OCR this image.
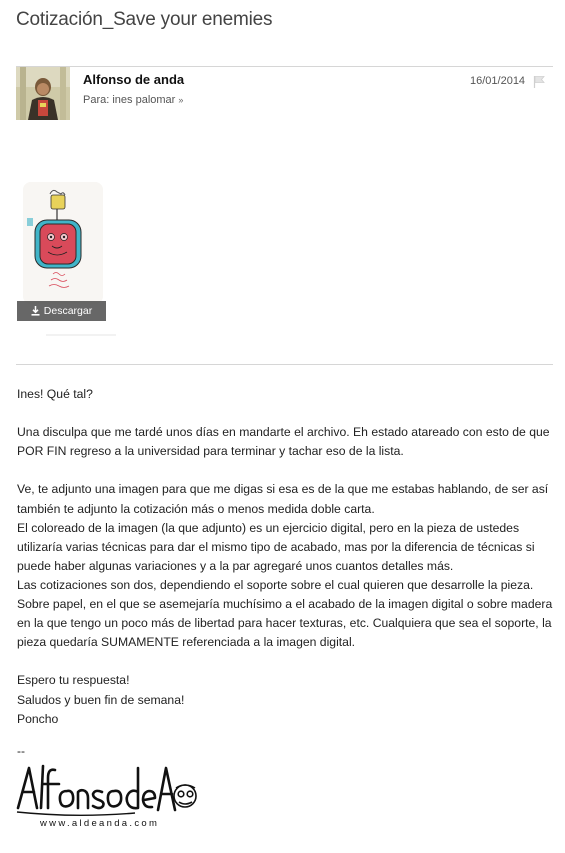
Cotización_Save your enemies
Alfonso de anda
Para: ines palomar »
16/01/2014
Descargar

Ines! Qué tal?

Una disculpa que me tardé unos días en mandarte el archivo. Eh estado atareado con esto de que

POR FIN regreso a la universidad para terminar y tachar eso de la lista.

Ve, te adjunto una imagen para que me digas si esa es de la que me estabas hablando, de ser así

también te adjunto la cotización más o menos medida doble carta.

El coloreado de la imagen (la que adjunto) es un ejercicio digital, pero en la pieza de ustedes

utilizaría varias técnicas para dar el mismo tipo de acabado, mas por la diferencia de técnicas si

puede haber algunas variaciones y a la par agregaré unos cuantos detalles más.

Las cotizaciones son dos, dependiendo el soporte sobre el cual quieren que desarrolle la pieza.

Sobre papel, en el que se asemejaría muchísimo a el acabado de la imagen digital o sobre madera

en la que tengo un poco más de libertad para hacer texturas, etc. Cualquiera que sea el soporte, la

pieza quedaría SUMAMENTE referenciada a la imagen digital.

Espero tu respuesta!

Saludos y buen fin de semana!

Poncho

--
www.aldeanda.com
